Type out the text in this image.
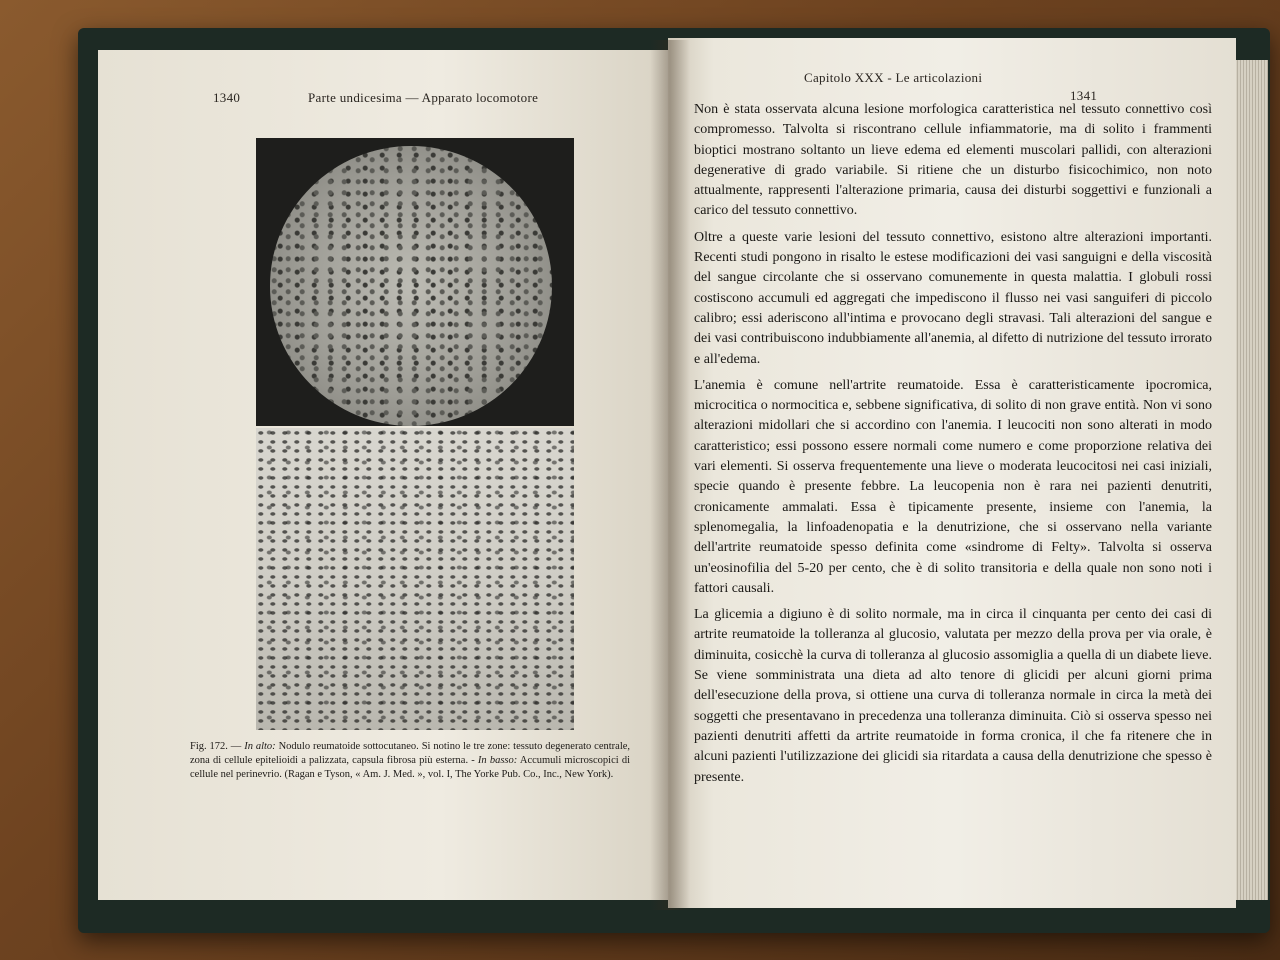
1340	Parte undicesima — Apparato locomotore
Fig. 172. — In alto: Nodulo reumatoide sottocutaneo. Si notino le tre zone: tessuto degenerato centrale, zona di cellule epitelioidi a palizzata, capsula fibrosa più esterna. - In basso: Accumuli microscopici di cellule nel perinevrio. (Ragan e Tyson, « Am. J. Med. », vol. I, The Yorke Pub. Co., Inc., New York).
Capitolo XXX - Le articolazioni
1341

Non è stata osservata alcuna lesione morfologica caratteristica nel tessuto connettivo così compromesso. Talvolta si riscontrano cellule infiammatorie, ma di solito i frammenti bioptici mostrano soltanto un lieve edema ed elementi muscolari pallidi, con alterazioni degenerative di grado variabile. Si ritiene che un disturbo fisicochimico, non noto attualmente, rappresenti l'alterazione primaria, causa dei disturbi soggettivi e funzionali a carico del tessuto connettivo.

Oltre a queste varie lesioni del tessuto connettivo, esistono altre alterazioni importanti. Recenti studi pongono in risalto le estese modificazioni dei vasi sanguigni e della viscosità del sangue circolante che si osservano comunemente in questa malattia. I globuli rossi costiscono accumuli ed aggregati che impediscono il flusso nei vasi sanguiferi di piccolo calibro; essi aderiscono all'intima e provocano degli stravasi. Tali alterazioni del sangue e dei vasi contribuiscono indubbiamente all'anemia, al difetto di nutrizione del tessuto irrorato e all'edema.

L'anemia è comune nell'artrite reumatoide. Essa è caratteristicamente ipocromica, microcitica o normocitica e, sebbene significativa, di solito di non grave entità. Non vi sono alterazioni midollari che si accordino con l'anemia. I leucociti non sono alterati in modo caratteristico; essi possono essere normali come numero e come proporzione relativa dei vari elementi. Si osserva frequentemente una lieve o moderata leucocitosi nei casi iniziali, specie quando è presente febbre. La leucopenia non è rara nei pazienti denutriti, cronicamente ammalati. Essa è tipicamente presente, insieme con l'anemia, la splenomegalia, la linfoadenopatia e la denutrizione, che si osservano nella variante dell'artrite reumatoide spesso definita come «sindrome di Felty». Talvolta si osserva un'eosinofilia del 5-20 per cento, che è di solito transitoria e della quale non sono noti i fattori causali.

La glicemia a digiuno è di solito normale, ma in circa il cinquanta per cento dei casi di artrite reumatoide la tolleranza al glucosio, valutata per mezzo della prova per via orale, è diminuita, cosicchè la curva di tolleranza al glucosio assomiglia a quella di un diabete lieve. Se viene somministrata una dieta ad alto tenore di glicidi per alcuni giorni prima dell'esecuzione della prova, si ottiene una curva di tolleranza normale in circa la metà dei soggetti che presentavano in precedenza una tolleranza diminuita. Ciò si osserva spesso nei pazienti denutriti affetti da artrite reumatoide in forma cronica, il che fa ritenere che in alcuni pazienti l'utilizzazione dei glicidi sia ritardata a causa della denutrizione che spesso è presente.
